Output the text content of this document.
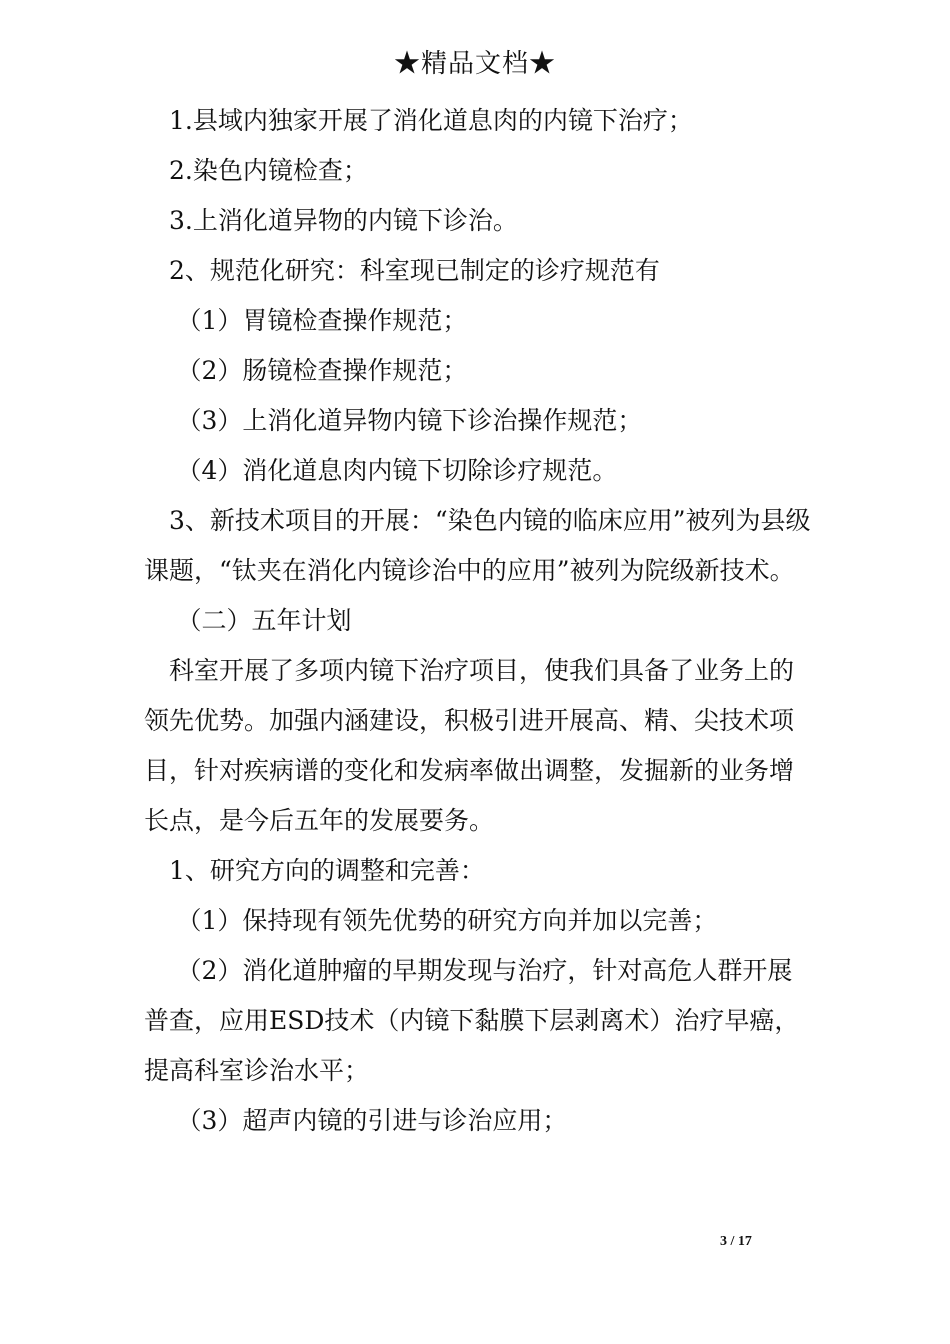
★精品文档★

1.县域内独家开展了消化道息肉的内镜下治疗；

2.染色内镜检查；

3.上消化道异物的内镜下诊治。

2、规范化研究：科室现已制定的诊疗规范有

（1）胃镜检查操作规范；

（2）肠镜检查操作规范；

（3）上消化道异物内镜下诊治操作规范；

（4）消化道息肉内镜下切除诊疗规范。

3、新技术项目的开展：“染色内镜的临床应用”被列为县级课题，“钛夹在消化内镜诊治中的应用”被列为院级新技术。

（二）五年计划

科室开展了多项内镜下治疗项目，使我们具备了业务上的领先优势。加强内涵建设，积极引进开展高、精、尖技术项目，针对疾病谱的变化和发病率做出调整，发掘新的业务增长点，是今后五年的发展要务。

1、研究方向的调整和完善：

（1）保持现有领先优势的研究方向并加以完善；

（2）消化道肿瘤的早期发现与治疗，针对高危人群开展普查，应用ESD技术（内镜下黏膜下层剥离术）治疗早癌，提高科室诊治水平；

（3）超声内镜的引进与诊治应用；

3 / 17
